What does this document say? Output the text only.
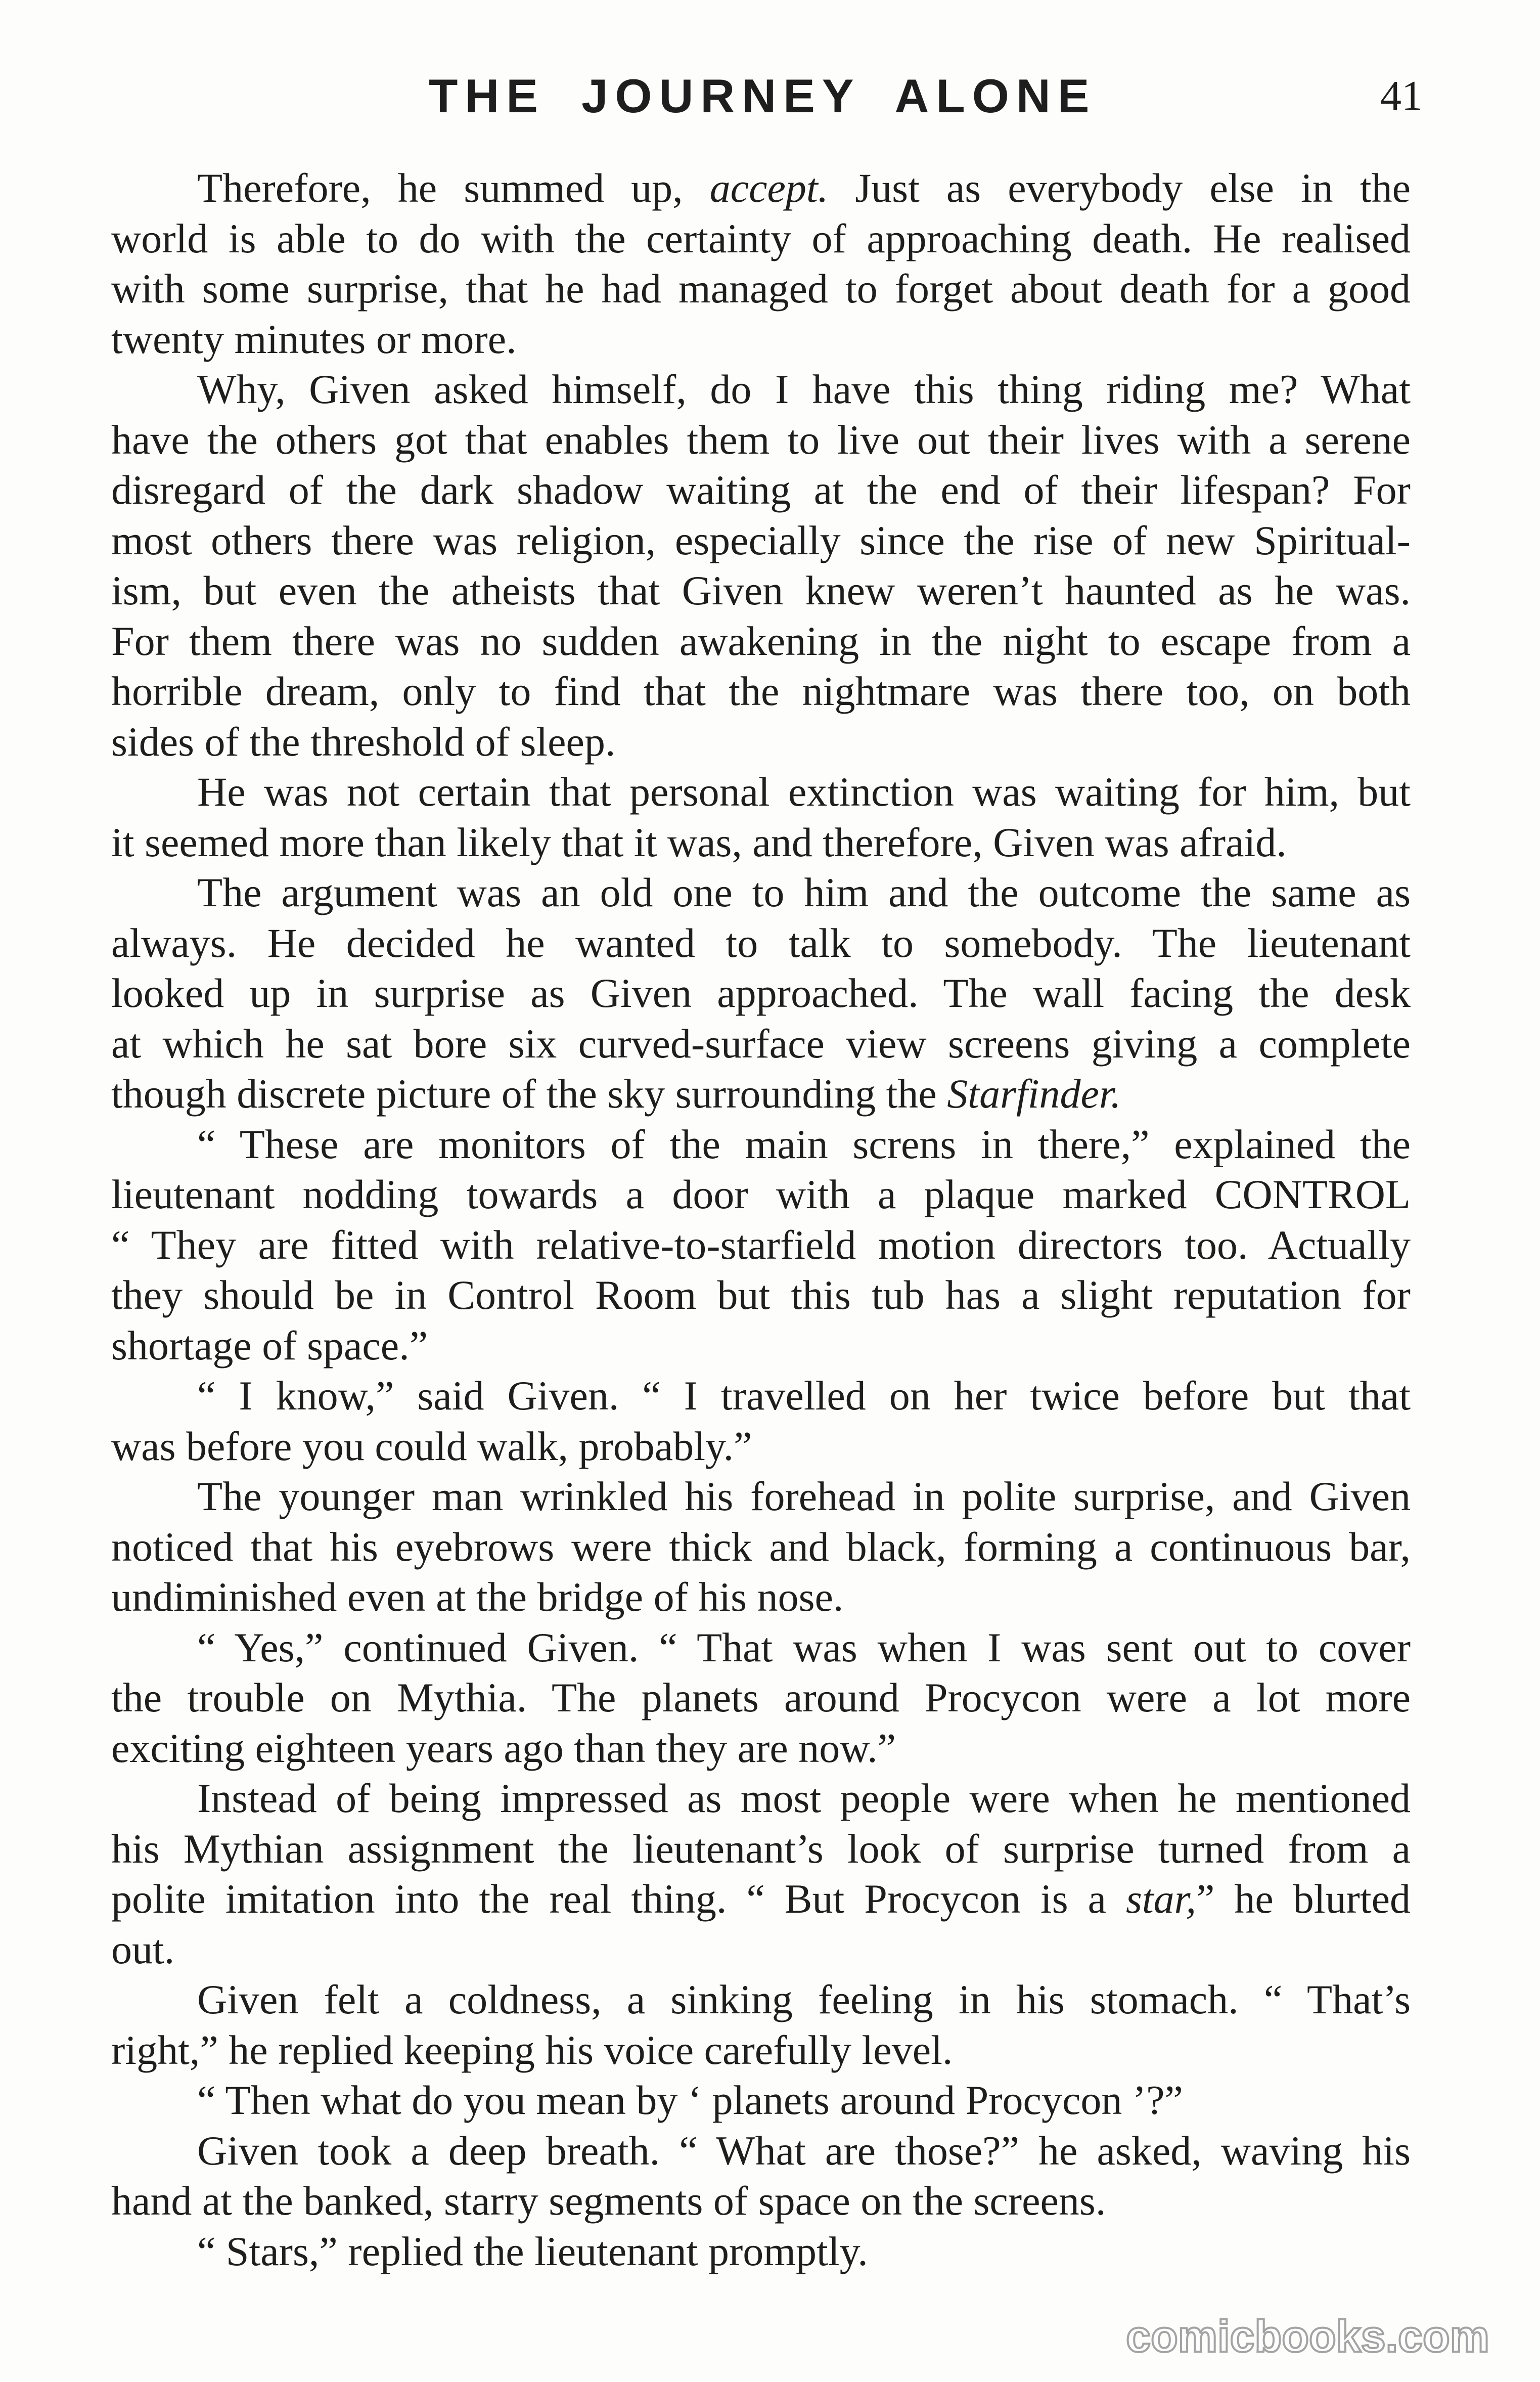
THE JOURNEY ALONE	41
Therefore, he summed up, accept. Just as everybody else in the
world is able to do with the certainty of approaching death. He realised
with some surprise, that he had managed to forget about death for a good
twenty minutes or more.
Why, Given asked himself, do I have this thing riding me? What
have the others got that enables them to live out their lives with a serene
disregard of the dark shadow waiting at the end of their lifespan? For
most others there was religion, especially since the rise of new Spiritual-
ism, but even the atheists that Given knew weren’t haunted as he was.
For them there was no sudden awakening in the night to escape from a
horrible dream, only to find that the nightmare was there too, on both
sides of the threshold of sleep.
He was not certain that personal extinction was waiting for him, but
it seemed more than likely that it was, and therefore, Given was afraid.
The argument was an old one to him and the outcome the same as
always. He decided he wanted to talk to somebody. The lieutenant
looked up in surprise as Given approached. The wall facing the desk
at which he sat bore six curved-surface view screens giving a complete
though discrete picture of the sky surrounding the Starfinder.
“ These are monitors of the main screns in there,” explained the
lieutenant nodding towards a door with a plaque marked CONTROL
“ They are fitted with relative-to-starfield motion directors too. Actually
they should be in Control Room but this tub has a slight reputation for
shortage of space.”
“ I know,” said Given. “ I travelled on her twice before but that
was before you could walk, probably.”
The younger man wrinkled his forehead in polite surprise, and Given
noticed that his eyebrows were thick and black, forming a continuous bar,
undiminished even at the bridge of his nose.
“ Yes,” continued Given. “ That was when I was sent out to cover
the trouble on Mythia. The planets around Procycon were a lot more
exciting eighteen years ago than they are now.”
Instead of being impressed as most people were when he mentioned
his Mythian assignment the lieutenant’s look of surprise turned from a
polite imitation into the real thing. “ But Procycon is a star,” he blurted
out.
Given felt a coldness, a sinking feeling in his stomach. “ That’s
right,” he replied keeping his voice carefully level.
“ Then what do you mean by ‘ planets around Procycon ’?”
Given took a deep breath. “ What are those?” he asked, waving his
hand at the banked, starry segments of space on the screens.
“ Stars,” replied the lieutenant promptly.
comicbooks.com
